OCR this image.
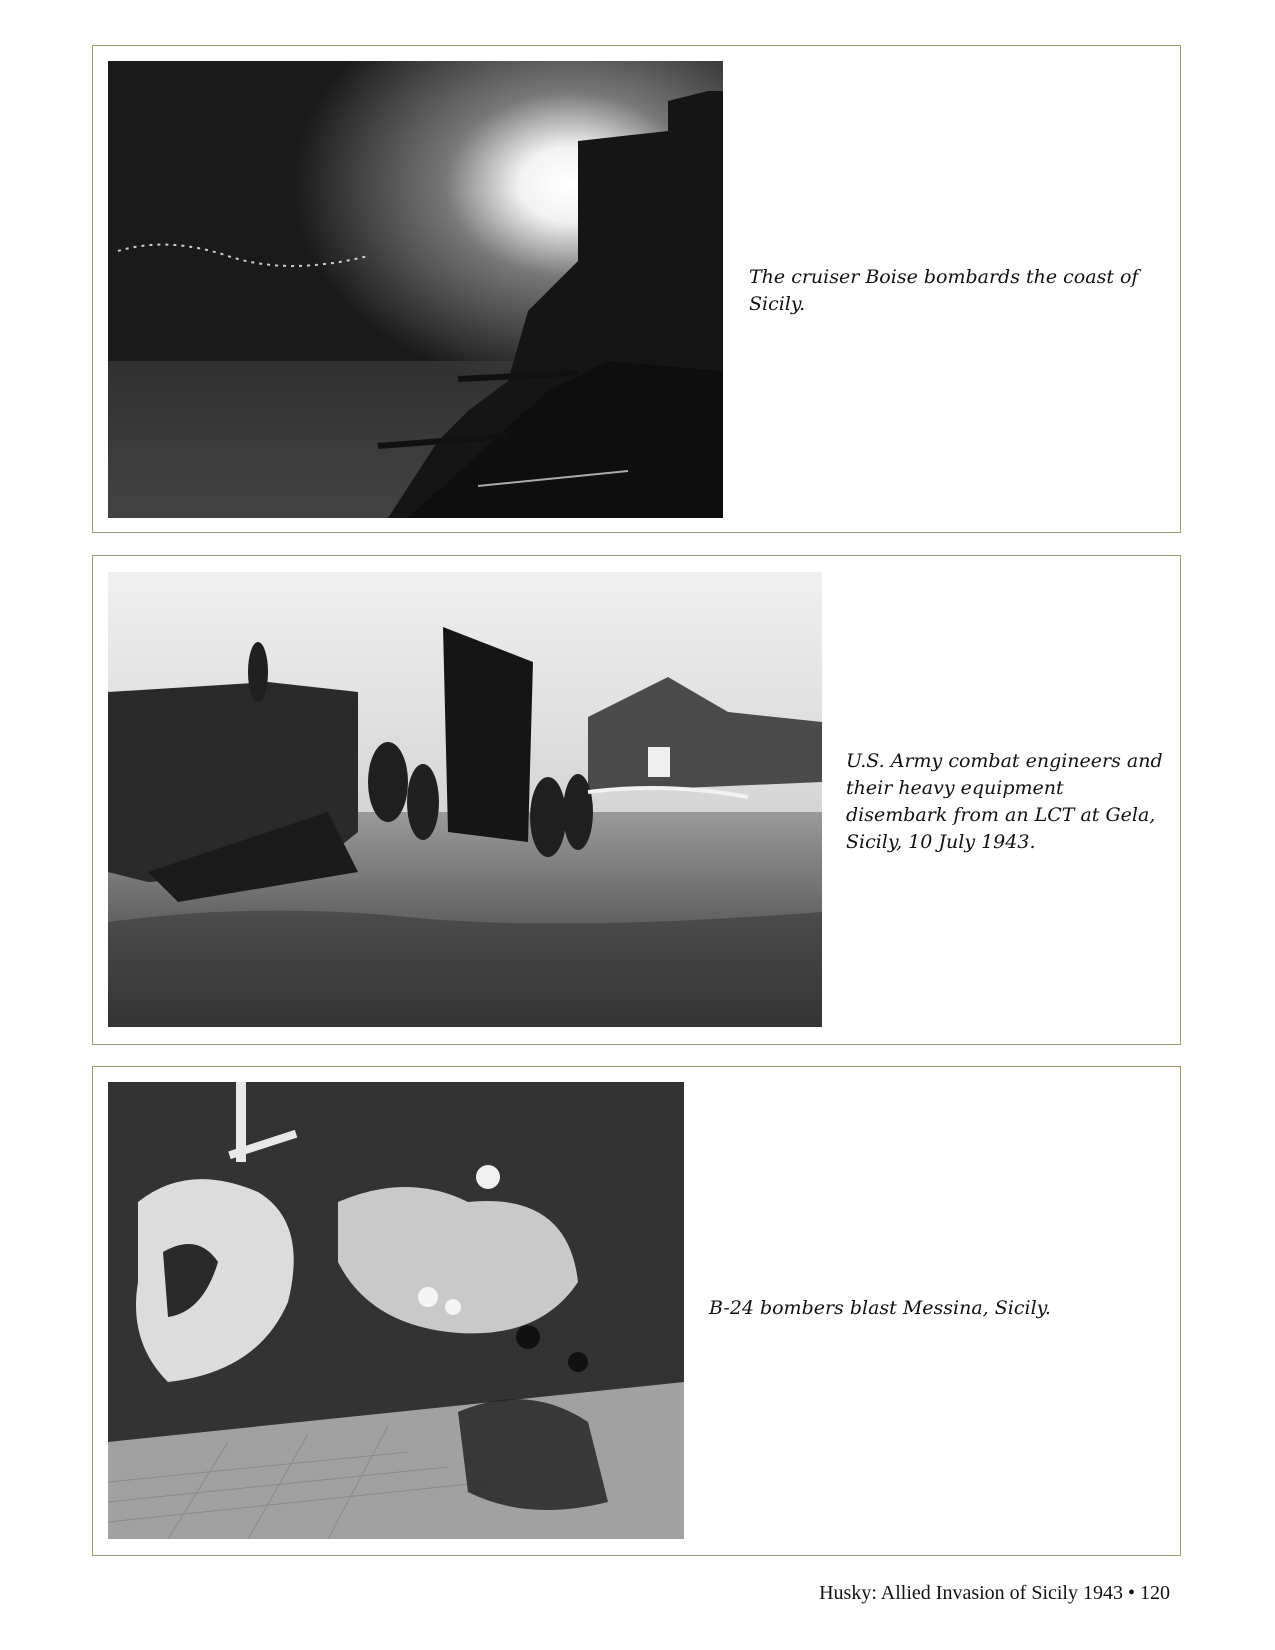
The cruiser Boise bombards the coast of Sicily.

U.S. Army combat engineers and their heavy equipment disembark from an LCT at Gela, Sicily, 10 July 1943.

B-24 bombers blast Messina, Sicily.

Husky: Allied Invasion of Sicily 1943 • 120
